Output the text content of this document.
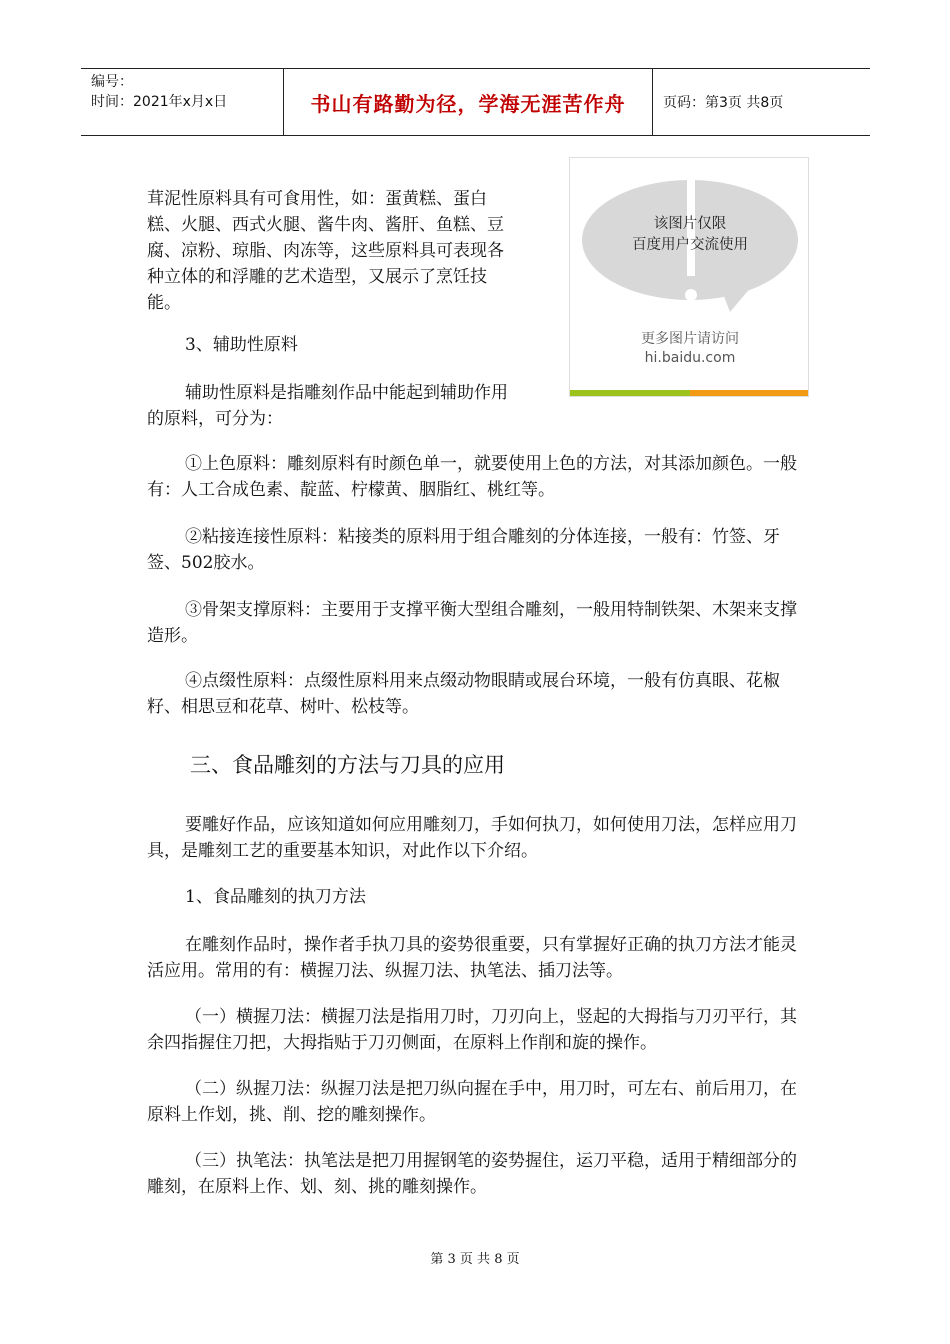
编号：
时间：2021年x月x日	书山有路勤为径，学海无涯苦作舟	页码：第3页 共8页
该图片仅限
百度用户交流使用
更多图片请访问
hi.baidu.com
茸泥性原料具有可食用性，如：蛋黄糕、蛋白
糕、火腿、西式火腿、酱牛肉、酱肝、鱼糕、豆
腐、凉粉、琼脂、肉冻等，这些原料具可表现各
种立体的和浮雕的艺术造型，又展示了烹饪技
能。
3、辅助性原料
辅助性原料是指雕刻作品中能起到辅助作用
的原料，可分为：
①上色原料：雕刻原料有时颜色单一，就要使用上色的方法，对其添加颜色。一般有：人工合成色素、靛蓝、柠檬黄、胭脂红、桃红等。
②粘接连接性原料：粘接类的原料用于组合雕刻的分体连接，一般有：竹签、牙签、502胶水。
③骨架支撑原料：主要用于支撑平衡大型组合雕刻，一般用特制铁架、木架来支撑造形。
④点缀性原料：点缀性原料用来点缀动物眼睛或展台环境，一般有仿真眼、花椒籽、相思豆和花草、树叶、松枝等。
三、食品雕刻的方法与刀具的应用
要雕好作品，应该知道如何应用雕刻刀，手如何执刀，如何使用刀法，怎样应用刀具，是雕刻工艺的重要基本知识，对此作以下介绍。
1、食品雕刻的执刀方法
在雕刻作品时，操作者手执刀具的姿势很重要，只有掌握好正确的执刀方法才能灵活应用。常用的有：横握刀法、纵握刀法、执笔法、插刀法等。
（一）横握刀法：横握刀法是指用刀时，刀刃向上，竖起的大拇指与刀刃平行，其余四指握住刀把，大拇指贴于刀刃侧面，在原料上作削和旋的操作。
（二）纵握刀法：纵握刀法是把刀纵向握在手中，用刀时，可左右、前后用刀，在原料上作划，挑、削、挖的雕刻操作。
（三）执笔法：执笔法是把刀用握钢笔的姿势握住，运刀平稳，适用于精细部分的雕刻，在原料上作、划、刻、挑的雕刻操作。
第 3 页 共 8 页
